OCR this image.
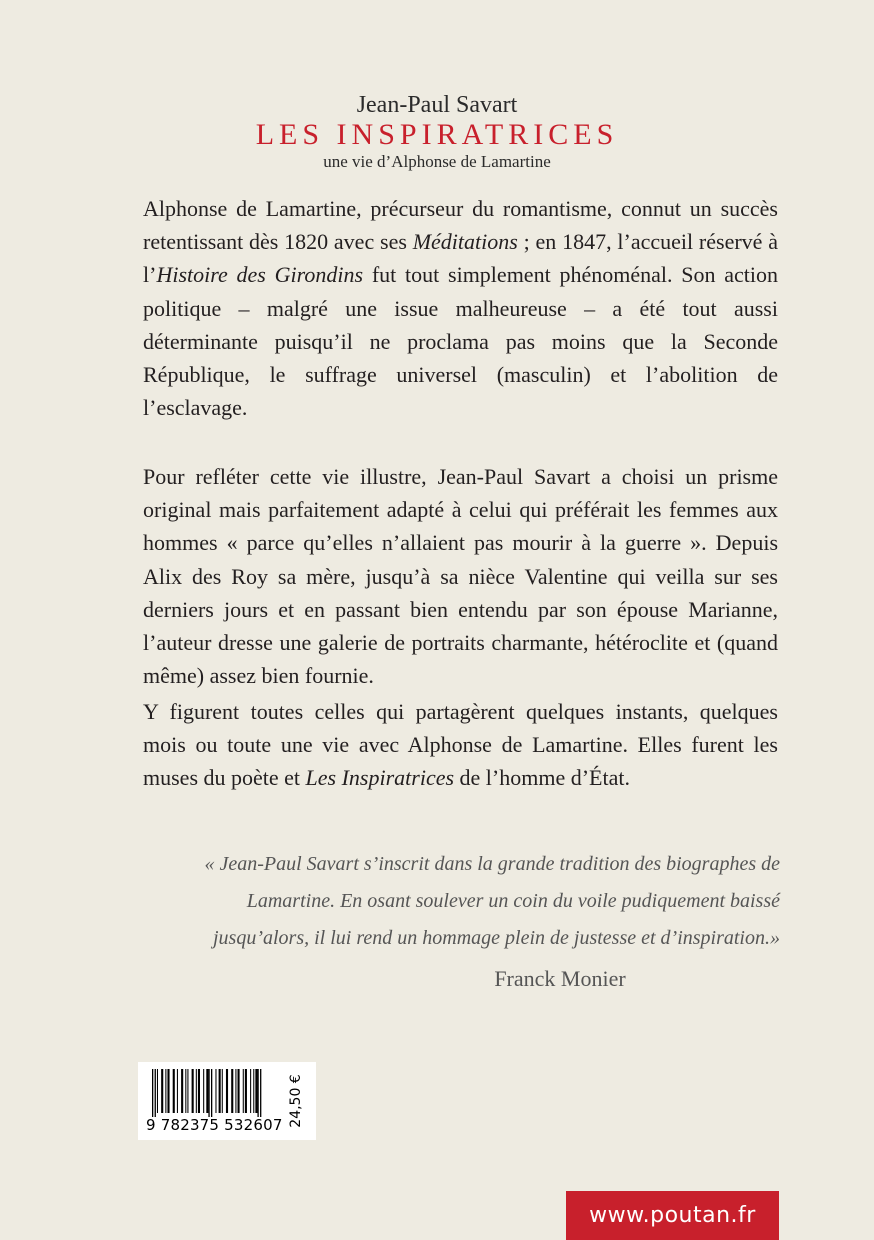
Jean-Paul Savart
LES INSPIRATRICES
une vie d’Alphonse de Lamartine

Alphonse de Lamartine, précurseur du romantisme, connut un succès retentissant dès 1820 avec ses Méditations ; en 1847, l’accueil réservé à l’Histoire des Girondins fut tout simplement phénoménal. Son action politique – malgré une issue malheureuse – a été tout aussi déterminante puisqu’il ne proclama pas moins que la Seconde République, le suffrage universel (masculin) et l’abolition de l’esclavage.

Pour refléter cette vie illustre, Jean-Paul Savart a choisi un prisme original mais parfaitement adapté à celui qui préférait les femmes aux hommes « parce qu’elles n’allaient pas mourir à la guerre ». Depuis Alix des Roy sa mère, jusqu’à sa nièce Valentine qui veilla sur ses derniers jours et en passant bien entendu par son épouse Marianne, l’auteur dresse une galerie de portraits charmante, hétéroclite et (quand même) assez bien fournie.

Y figurent toutes celles qui partagèrent quelques instants, quelques mois ou toute une vie avec Alphonse de Lamartine. Elles furent les muses du poète et Les Inspiratrices de l’homme d’État.

« Jean-Paul Savart s’inscrit dans la grande tradition des biographes de Lamartine. En osant soulever un coin du voile pudiquement baissé jusqu’alors, il lui rend un hommage plein de justesse et d’inspiration.»

Franck Monier
9 782375 532607 24,50 €
www.poutan.fr
